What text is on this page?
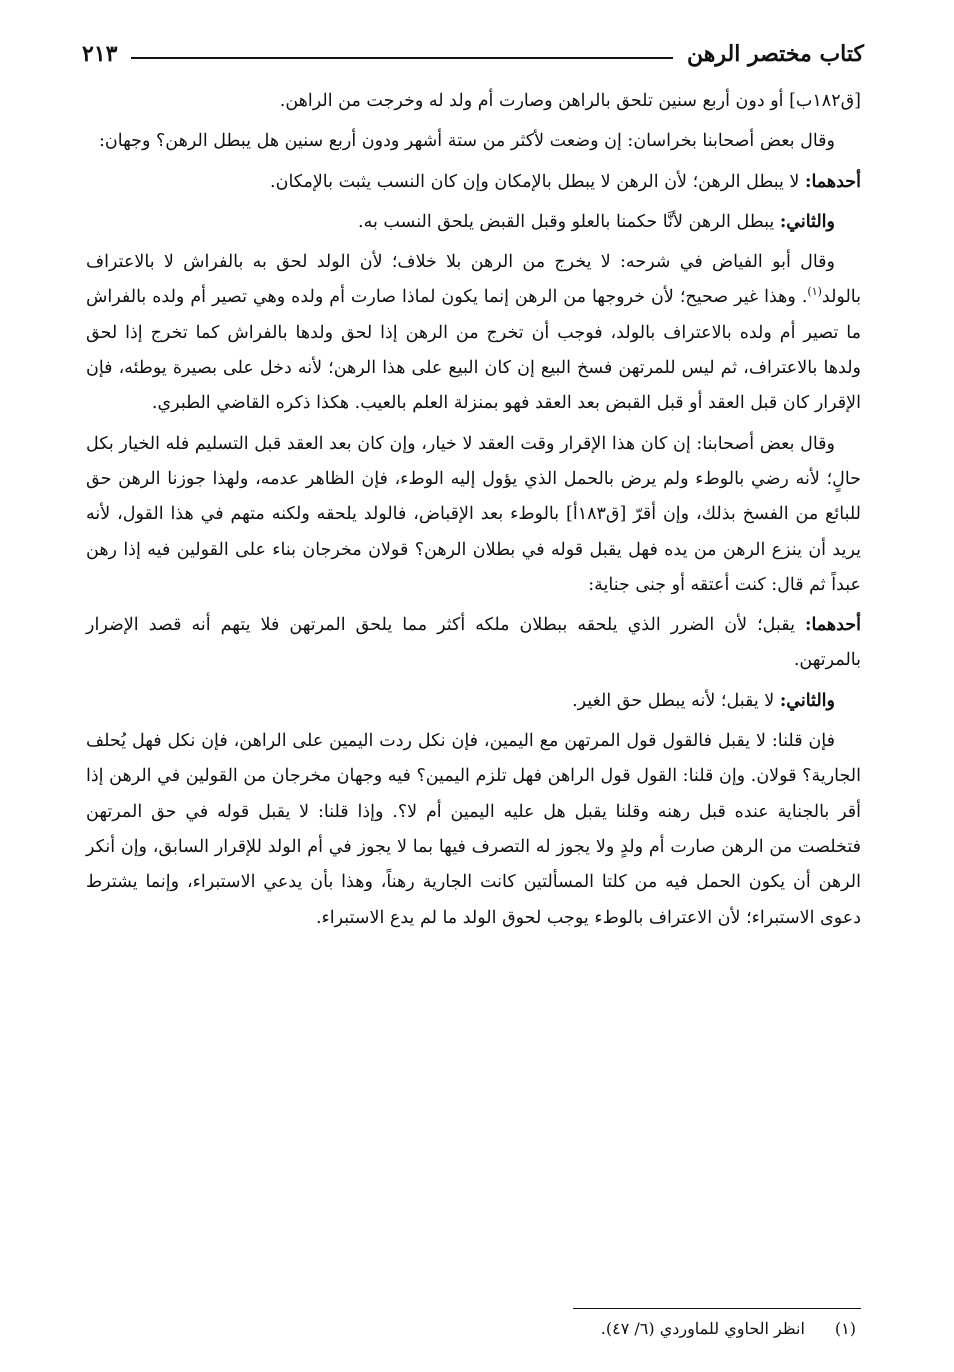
كتاب مختصر الرهن
٢١٣

[ق١٨٢ب] أو دون أربع سنين تلحق بالراهن وصارت أم ولد له وخرجت من الراهن.

وقال بعض أصحابنا بخراسان: إن وضعت لأكثر من ستة أشهر ودون أربع سنين هل يبطل الرهن؟ وجهان:

أحدهما: لا يبطل الرهن؛ لأن الرهن لا يبطل بالإمكان وإن كان النسب يثبت بالإمكان.

والثاني: يبطل الرهن لأنَّا حكمنا بالعلو وقبل القبض يلحق النسب به.

وقال أبو الفياض في شرحه: لا يخرج من الرهن بلا خلاف؛ لأن الولد لحق به بالفراش لا بالاعتراف بالولد$^{(١)}$. وهذا غير صحيح؛ لأن خروجها من الرهن إنما يكون لماذا صارت أم ولده وهي تصير أم ولده بالفراش ما تصير أم ولده بالاعتراف بالولد، فوجب أن تخرج من الرهن إذا لحق ولدها بالفراش كما تخرج إذا لحق ولدها بالاعتراف، ثم ليس للمرتهن فسخ البيع إن كان البيع على هذا الرهن؛ لأنه دخل على بصيرة يوطئه، فإن الإقرار كان قبل العقد أو قبل القبض بعد العقد فهو بمنزلة العلم بالعيب. هكذا ذكره القاضي الطبري.

وقال بعض أصحابنا: إن كان هذا الإقرار وقت العقد لا خيار، وإن كان بعد العقد قبل التسليم فله الخيار بكل حالٍ؛ لأنه رضي بالوطء ولم يرض بالحمل الذي يؤول إليه الوطء، فإن الظاهر عدمه، ولهذا جوزنا الرهن حق للبائع من الفسخ بذلك، وإن أقرّ [ق١٨٣أ] بالوطء بعد الإقباض، فالولد يلحقه ولكنه متهم في هذا القول، لأنه يريد أن ينزع الرهن من يده فهل يقبل قوله في بطلان الرهن؟ قولان مخرجان بناء على القولين فيه إذا رهن عبداً ثم قال: كنت أعتقه أو جنى جناية:

أحدهما: يقبل؛ لأن الضرر الذي يلحقه ببطلان ملكه أكثر مما يلحق المرتهن فلا يتهم أنه قصد الإضرار بالمرتهن.

والثاني: لا يقبل؛ لأنه يبطل حق الغير.

فإن قلنا: لا يقبل فالقول قول المرتهن مع اليمين، فإن نكل ردت اليمين على الراهن، فإن نكل فهل يُحلف الجارية؟ قولان. وإن قلنا: القول قول الراهن فهل تلزم اليمين؟ فيه وجهان مخرجان من القولين في الرهن إذا أقر بالجناية عنده قبل رهنه وقلنا يقبل هل عليه اليمين أم لا؟. وإذا قلنا: لا يقبل قوله في حق المرتهن فتخلصت من الرهن صارت أم ولدٍ ولا يجوز له التصرف فيها بما لا يجوز في أم الولد للإقرار السابق، وإن أنكر الرهن أن يكون الحمل فيه من كلتا المسألتين كانت الجارية رهناً، وهذا بأن يدعي الاستبراء، وإنما يشترط دعوى الاستبراء؛ لأن الاعتراف بالوطء يوجب لحوق الولد ما لم يدع الاستبراء.

(١)
انظر الحاوي للماوردي (٦/ ٤٧).
